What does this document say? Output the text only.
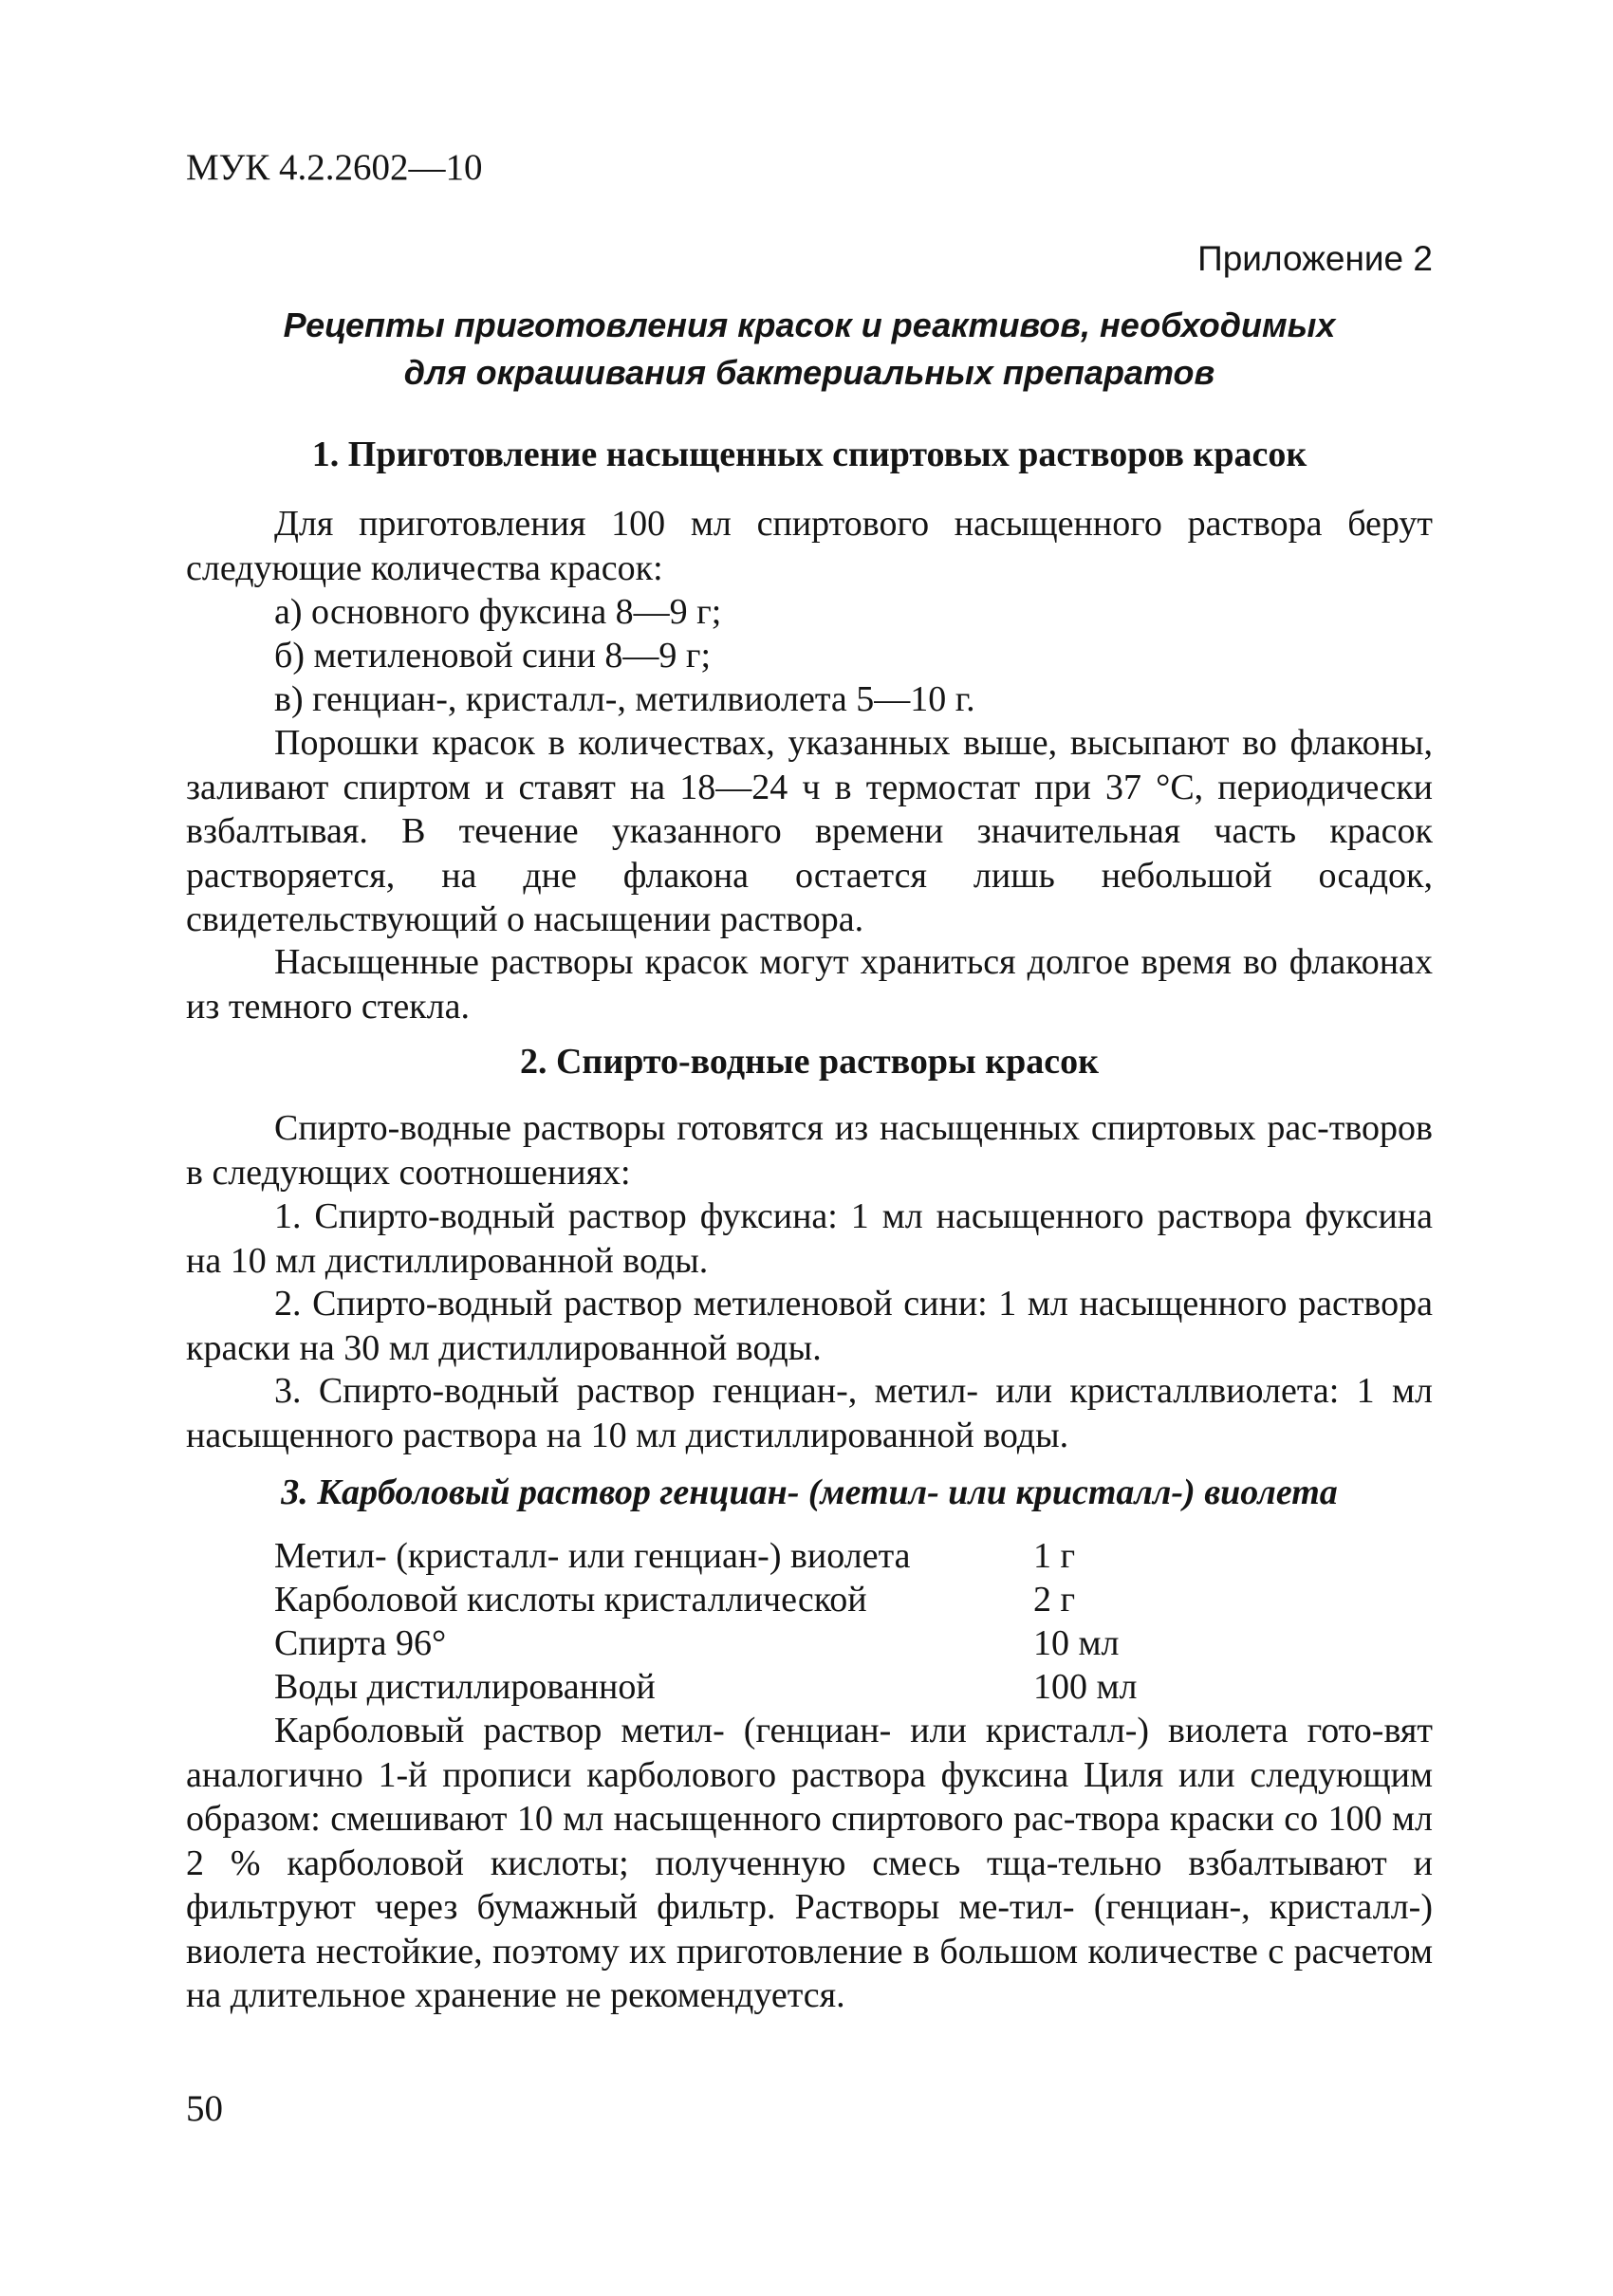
МУК 4.2.2602—10
Приложение 2
Рецепты приготовления красок и реактивов, необходимых
для окрашивания бактериальных препаратов
1. Приготовление насыщенных спиртовых растворов красок
Для приготовления 100 мл спиртового насыщенного раствора берут следующие количества красок:
а) основного фуксина 8—9 г;
б) метиленовой сини 8—9 г;
в) генциан-, кристалл-, метилвиолета 5—10 г.
Порошки красок в количествах, указанных выше, высыпают во флаконы, заливают спиртом и ставят на 18—24 ч в термостат при 37 °С, периодически взбалтывая. В течение указанного времени значительная часть красок растворяется, на дне флакона остается лишь небольшой осадок, свидетельствующий о насыщении раствора.
Насыщенные растворы красок могут храниться долгое время во флаконах из темного стекла.
2. Спирто-водные растворы красок
Спирто-водные растворы готовятся из насыщенных спиртовых рас-творов в следующих соотношениях:
1. Спирто-водный раствор фуксина: 1 мл насыщенного раствора фуксина на 10 мл дистиллированной воды.
2. Спирто-водный раствор метиленовой сини: 1 мл насыщенного раствора краски на 30 мл дистиллированной воды.
3. Спирто-водный раствор генциан-, метил- или кристаллвиолета: 1 мл насыщенного раствора на 10 мл дистиллированной воды.
3. Карболовый раствор генциан- (метил- или кристалл-) виолета
Метил- (кристалл- или генциан-) виолета	1 г
Карболовой кислоты кристаллической	2 г
Спирта 96°	10 мл
Воды дистиллированной	100 мл
Карболовый раствор метил- (генциан- или кристалл-) виолета гото-вят аналогично 1-й прописи карболового раствора фуксина Циля или следующим образом: смешивают 10 мл насыщенного спиртового рас-твора краски со 100 мл 2 % карболовой кислоты; полученную смесь тща-тельно взбалтывают и фильтруют через бумажный фильтр. Растворы ме-тил- (генциан-, кристалл-) виолета нестойкие, поэтому их приготовление в большом количестве с расчетом на длительное хранение не рекомендуется.
50
